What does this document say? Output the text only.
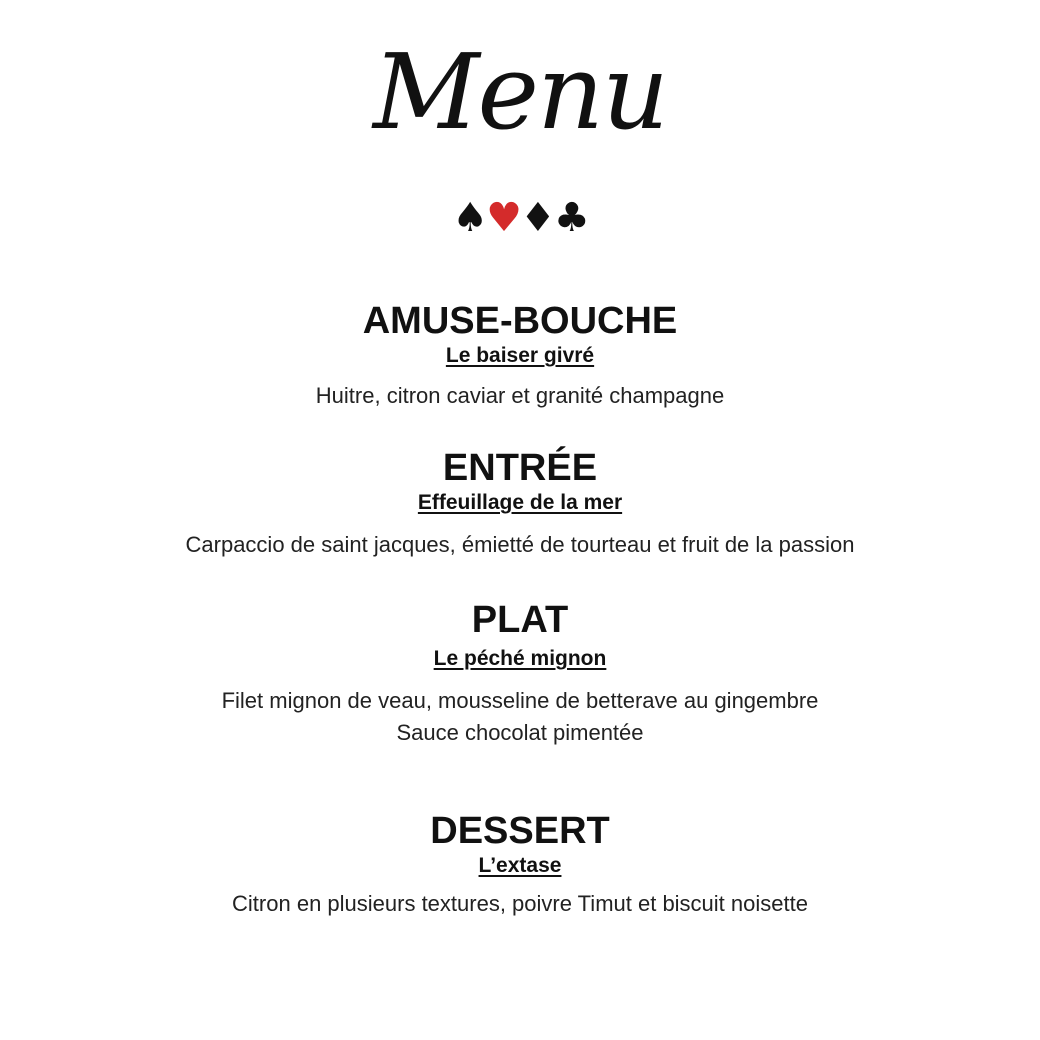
Menu
♠♥♦♣
AMUSE-BOUCHE
Le baiser givré
Huitre, citron caviar et granité champagne
ENTRÉE
Effeuillage de la mer
Carpaccio de saint jacques, émietté de tourteau et fruit de la passion
PLAT
Le péché mignon
Filet mignon de veau, mousseline de betterave au gingembre
Sauce chocolat pimentée
DESSERT
L’extase
Citron en plusieurs textures, poivre Timut et biscuit noisette
